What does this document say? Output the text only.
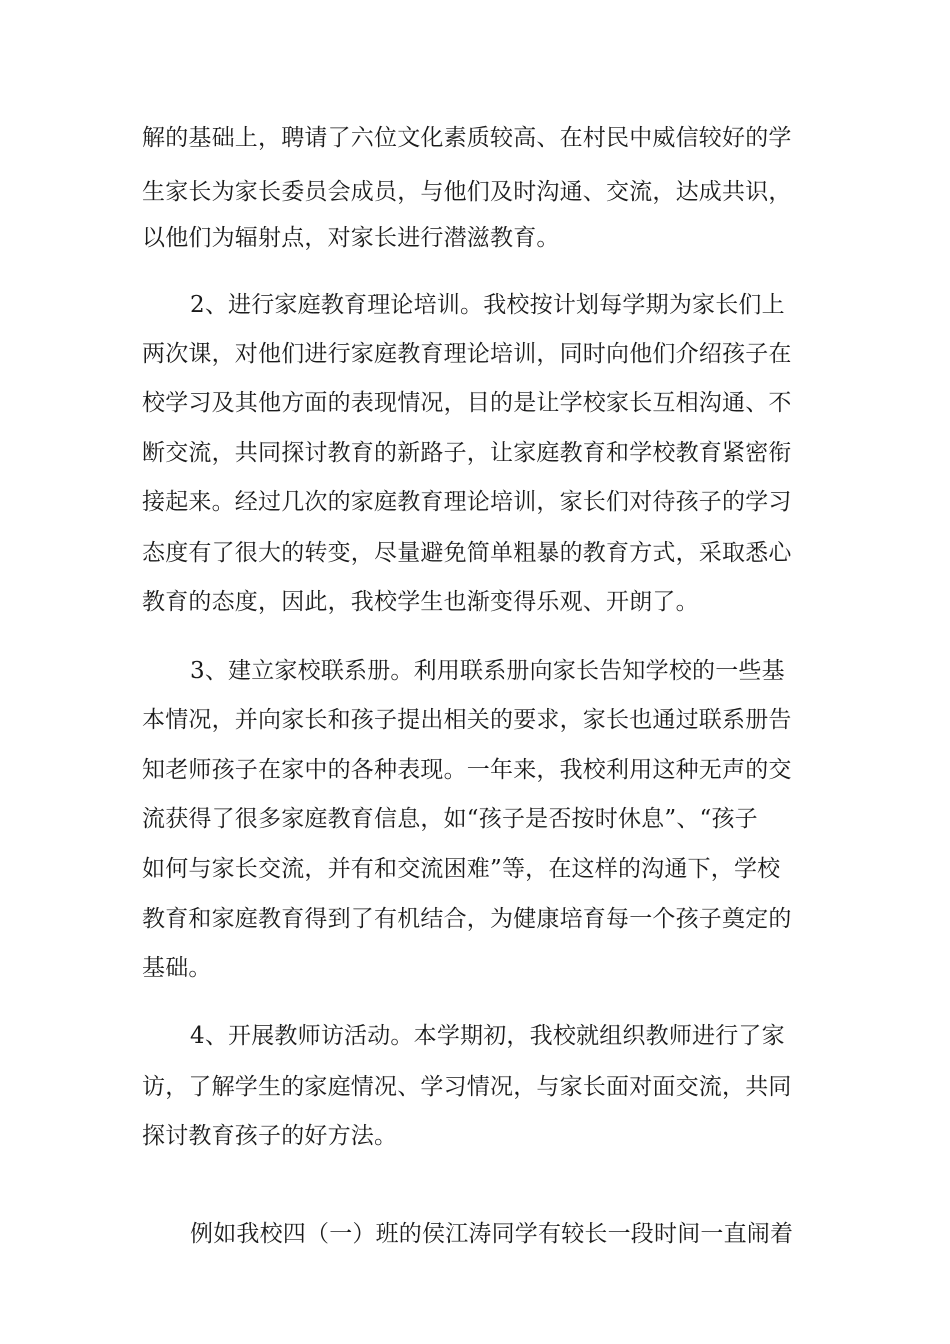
解的基础上，聘请了六位文化素质较高、在村民中威信较好的学
生家长为家长委员会成员，与他们及时沟通、交流，达成共识，
以他们为辐射点，对家长进行潜滋教育。
2、进行家庭教育理论培训。我校按计划每学期为家长们上
两次课，对他们进行家庭教育理论培训，同时向他们介绍孩子在
校学习及其他方面的表现情况，目的是让学校家长互相沟通、不
断交流，共同探讨教育的新路子，让家庭教育和学校教育紧密衔
接起来。经过几次的家庭教育理论培训，家长们对待孩子的学习
态度有了很大的转变，尽量避免简单粗暴的教育方式，采取悉心
教育的态度，因此，我校学生也渐变得乐观、开朗了。
3、建立家校联系册。利用联系册向家长告知学校的一些基
本情况，并向家长和孩子提出相关的要求，家长也通过联系册告
知老师孩子在家中的各种表现。一年来，我校利用这种无声的交
流获得了很多家庭教育信息，如“孩子是否按时休息”、“孩子
如何与家长交流，并有和交流困难”等，在这样的沟通下，学校
教育和家庭教育得到了有机结合，为健康培育每一个孩子奠定的
基础。
4、开展教师访活动。本学期初，我校就组织教师进行了家
访，了解学生的家庭情况、学习情况，与家长面对面交流，共同
探讨教育孩子的好方法。
例如我校四（一）班的侯江涛同学有较长一段时间一直闹着
